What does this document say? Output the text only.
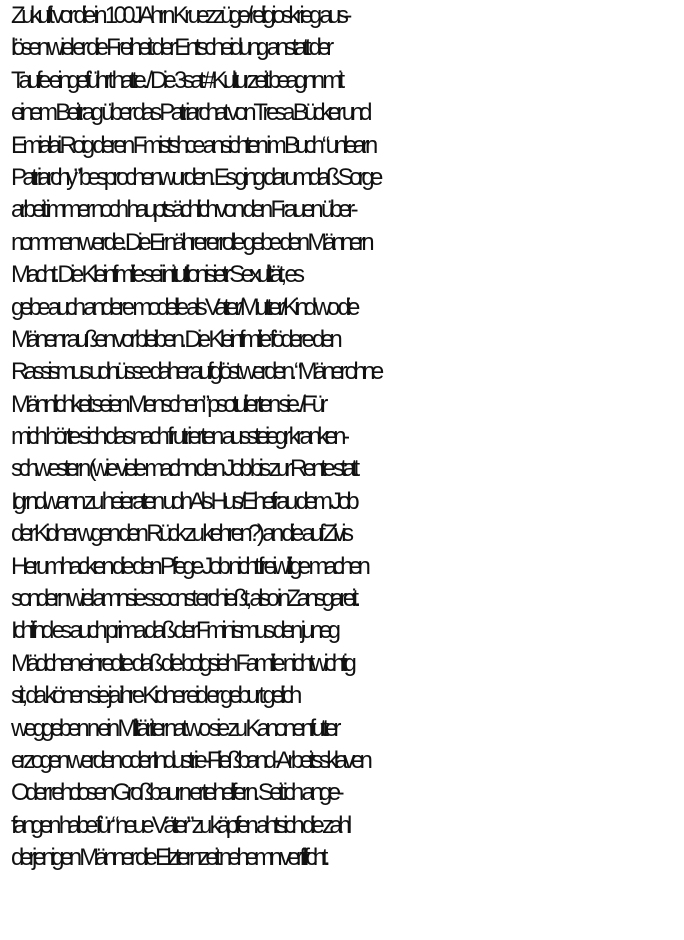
Zukuft vor die in 100JAhrn Kruezzüge/religioskrieg aus-
lösen wiel er die Freiheit der Entscheidung anstatt der
Taufe eingeführt hatte. / Die 3sat #Kulturzeit beagnn mit
einem Beitrag über das Patriarchat von Tresa Bücker und
Emialai Roig deren Fmistshce ansichten im Buch “unlearn
Patriarchy” besprochenwurden. Es ging darumdaß Sorge
arbeit immer noch hauptsächlich von den Frauen über-
nommen werde. Die Ernährererrolle gebe den Männern
Macht. Die Kleinfmilie sei initutlionisietr Sexulität, es
gebe auch andere modelle als Vater/Mutter/Kind wo die
Mänenr außen vor bleiben. Die Kleinfmilie födere den
Rassismus udnüsse daher aufglöst werden. “Mäner ohne
Männlichkeit seien Menschen” psotulierten sie. /Für
mich hörte sich das nach frutrierten aussteiegr kranken-
schwestern (wie viele machn den Job bis zur Rente statt
Igrndwann zu heieraten udn Als Hus/Ehefrau dem Job
der Kidner wgen den Rück zu kehren?) an die auf Zivis
Herumhacken die den Pfege Job nicht freiwillige machen
sondern wiel amnsie ssocnst erchießt, also inZansgareit.
Ichifnd es auch prima daß der Fminismus den juneg
Mädchen einredte daß die bolgsieh Familie nichtwichtig
sit, da könen sie ja ihre Kidner eid er geburt gelich
weggeben n ein Miltäriternat wo sie zu Kanonenfutter
erzogen werden oder Industrie-Fließband-Arbeitssklaven
Oder rehclosen Großbaurn ertehelfern. Seit ich ange-
fangen habe für “neue Väter” zu käpfen ahtsich die zahl
derjenigen Männer die Elzternzeit nehemn verfilfcht.
